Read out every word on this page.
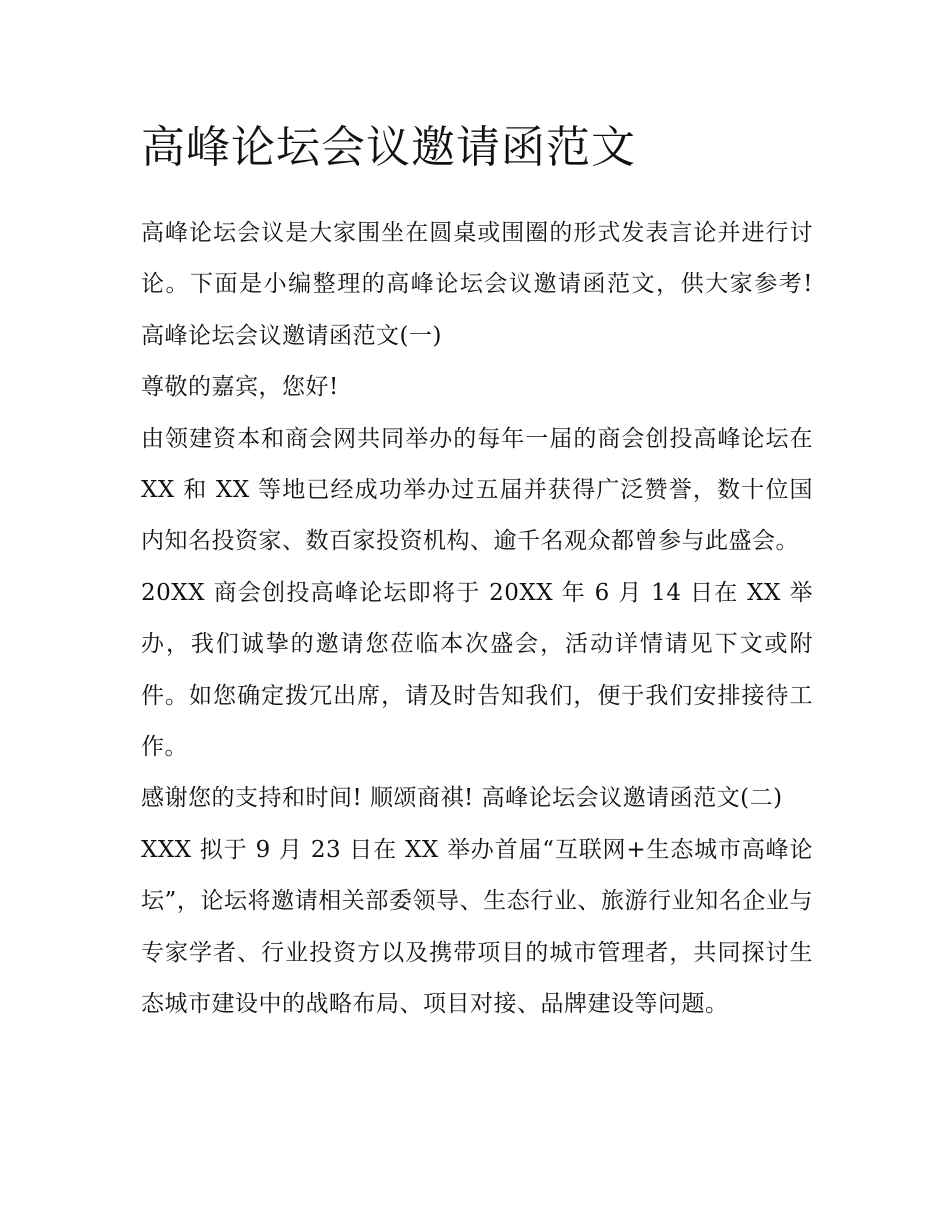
高峰论坛会议邀请函范文

高峰论坛会议是大家围坐在圆桌或围圈的形式发表言论并进行讨论。下面是小编整理的高峰论坛会议邀请函范文，供大家参考! 高峰论坛会议邀请函范文(一)

尊敬的嘉宾，您好!

由领建资本和商会网共同举办的每年一届的商会创投高峰论坛在 XX 和 XX 等地已经成功举办过五届并获得广泛赞誉，数十位国内知名投资家、数百家投资机构、逾千名观众都曾参与此盛会。

20XX 商会创投高峰论坛即将于 20XX 年 6 月 14 日在 XX 举办，我们诚挚的邀请您莅临本次盛会，活动详情请见下文或附件。如您确定拨冗出席，请及时告知我们，便于我们安排接待工作。

感谢您的支持和时间! 顺颂商祺! 高峰论坛会议邀请函范文(二)

XXX 拟于 9 月 23 日在 XX 举办首届“互联网+生态城市高峰论坛”，论坛将邀请相关部委领导、生态行业、旅游行业知名企业与专家学者、行业投资方以及携带项目的城市管理者，共同探讨生态城市建设中的战略布局、项目对接、品牌建设等问题。
